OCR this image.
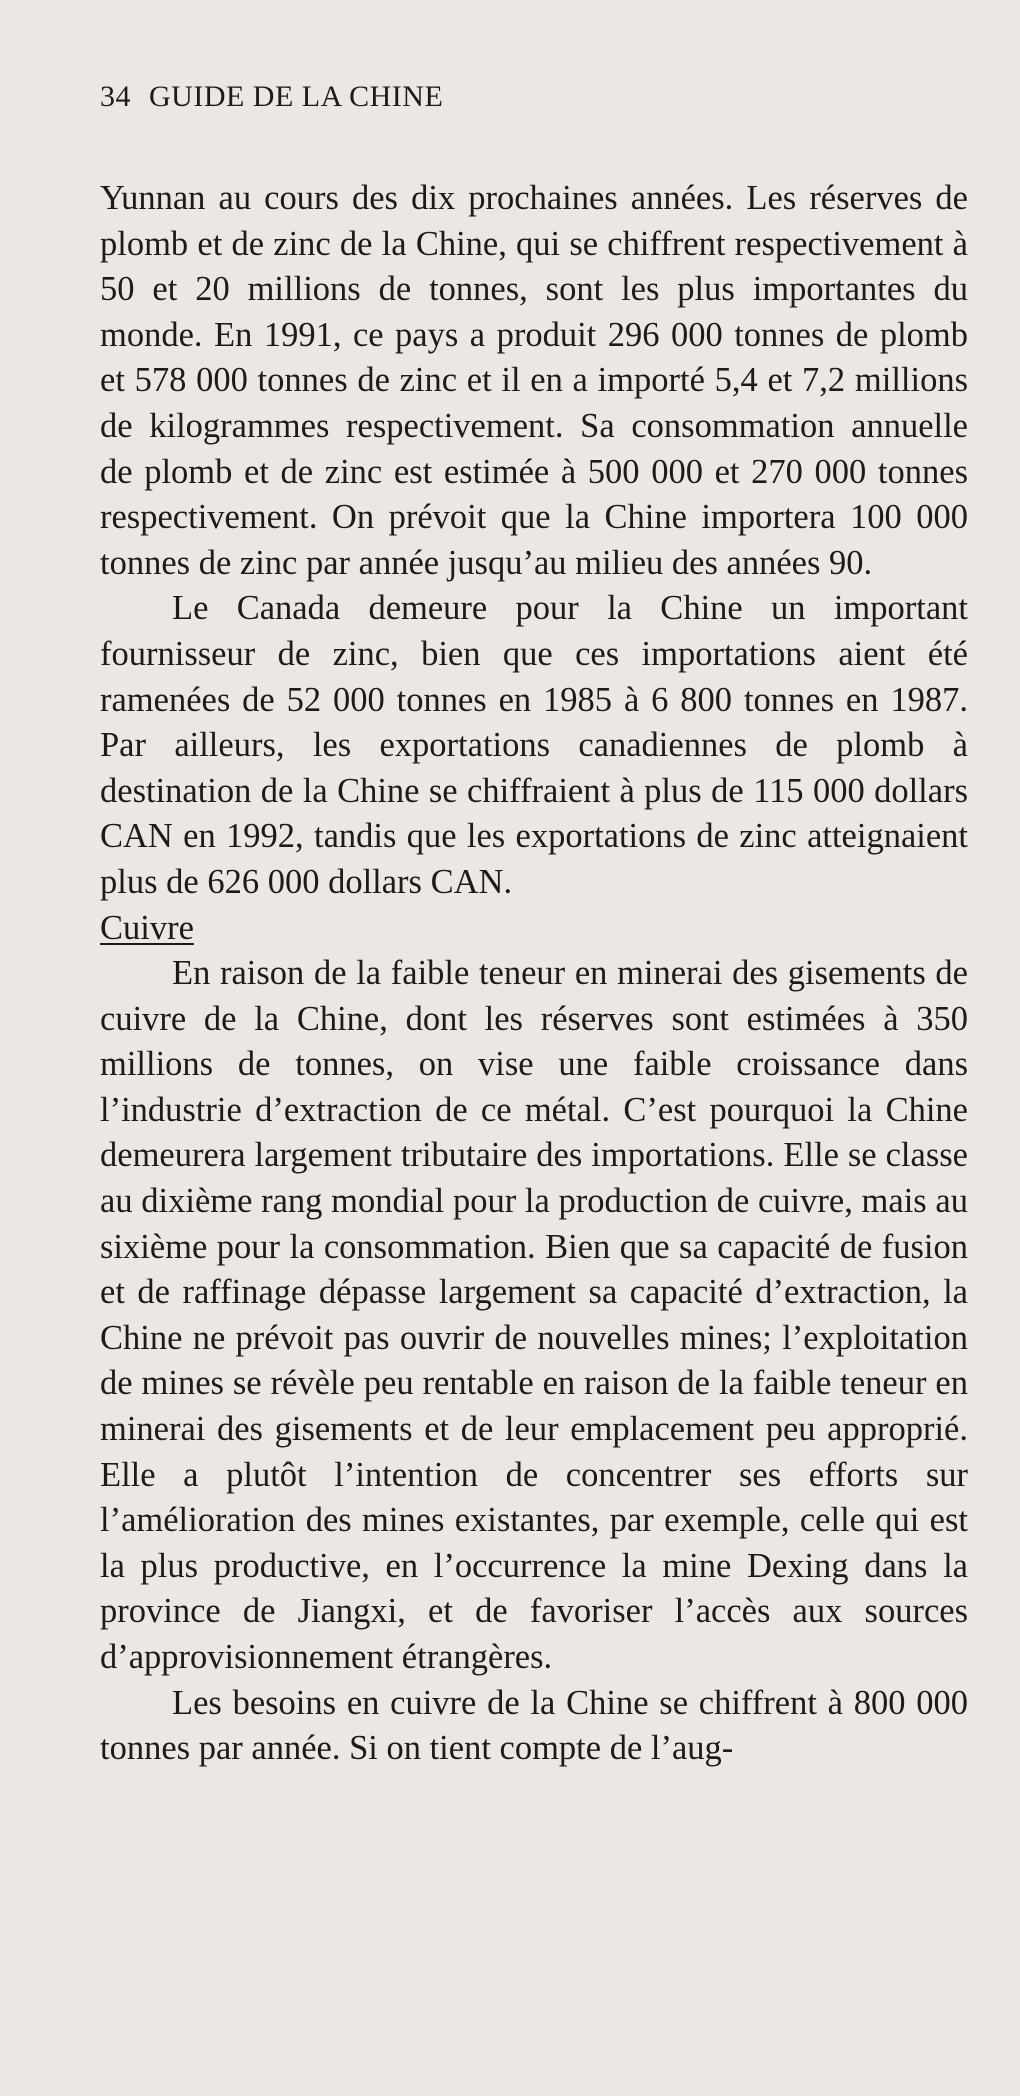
34 GUIDE DE LA CHINE

Yunnan au cours des dix prochaines années. Les réserves de plomb et de zinc de la Chine, qui se chiffrent respectivement à 50 et 20 millions de tonnes, sont les plus importantes du monde. En 1991, ce pays a produit 296 000 tonnes de plomb et 578 000 tonnes de zinc et il en a importé 5,4 et 7,2 millions de kilogrammes respectivement. Sa consommation annuelle de plomb et de zinc est estimée à 500 000 et 270 000 tonnes respectivement. On prévoit que la Chine importera 100 000 tonnes de zinc par année jusqu’au milieu des années 90.

Le Canada demeure pour la Chine un important fournisseur de zinc, bien que ces importations aient été ramenées de 52 000 tonnes en 1985 à 6 800 tonnes en 1987. Par ailleurs, les exportations canadiennes de plomb à destination de la Chine se chiffraient à plus de 115 000 dollars CAN en 1992, tandis que les exportations de zinc atteignaient plus de 626 000 dollars CAN.

Cuivre

En raison de la faible teneur en minerai des gisements de cuivre de la Chine, dont les réserves sont estimées à 350 millions de tonnes, on vise une faible croissance dans l’industrie d’extraction de ce métal. C’est pourquoi la Chine demeurera largement tributaire des importations. Elle se classe au dixième rang mondial pour la production de cuivre, mais au sixième pour la consommation. Bien que sa capacité de fusion et de raffinage dépasse largement sa capacité d’extraction, la Chine ne prévoit pas ouvrir de nouvelles mines; l’exploitation de mines se révèle peu rentable en raison de la faible teneur en minerai des gisements et de leur emplacement peu approprié. Elle a plutôt l’intention de concentrer ses efforts sur l’amélioration des mines existantes, par exemple, celle qui est la plus productive, en l’occurrence la mine Dexing dans la province de Jiangxi, et de favoriser l’accès aux sources d’approvisionnement étrangères.

Les besoins en cuivre de la Chine se chiffrent à 800 000 tonnes par année. Si on tient compte de l’aug-
